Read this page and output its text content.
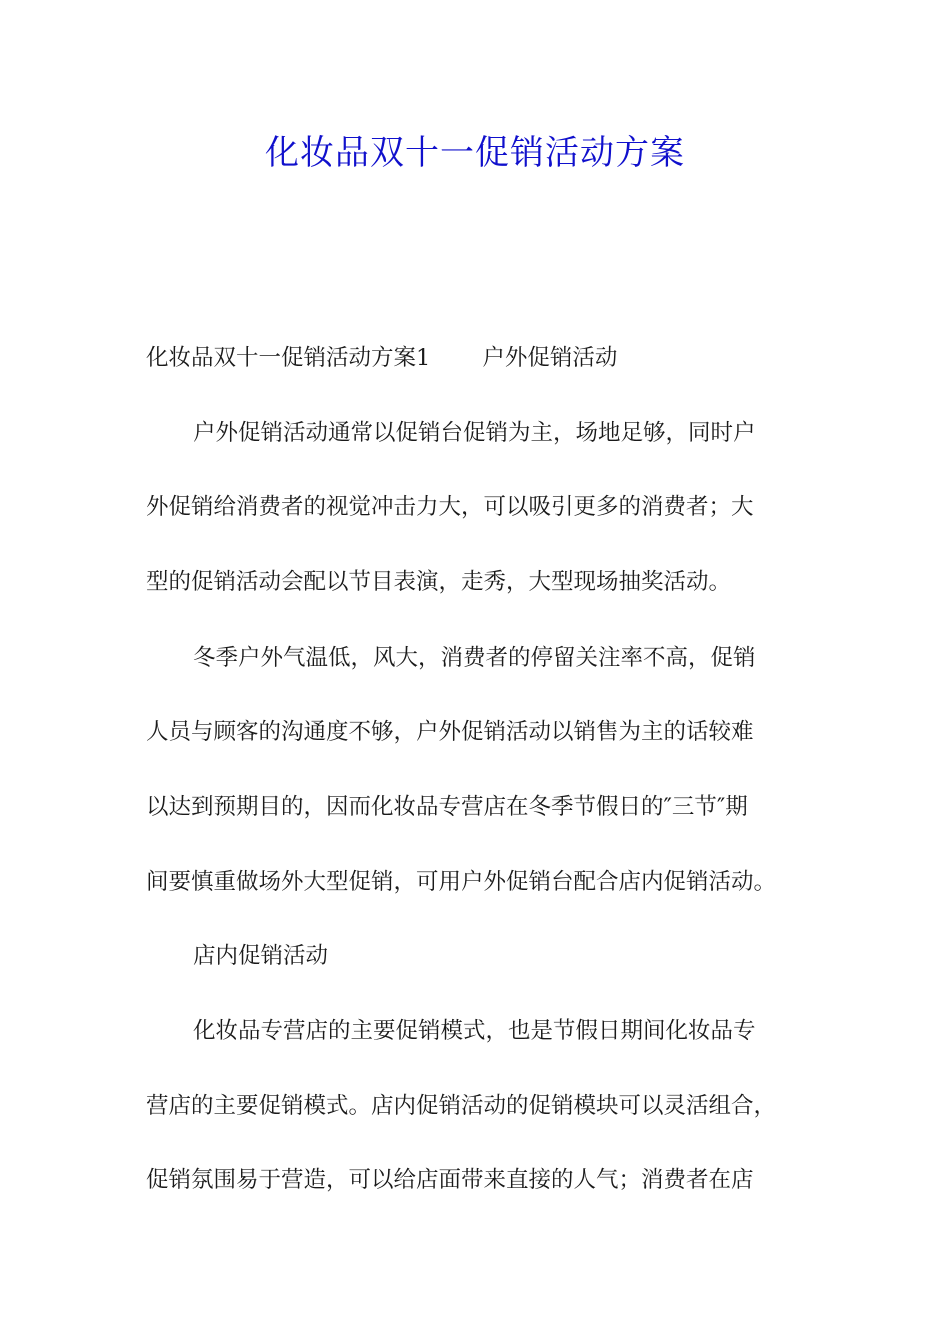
化妆品双十一促销活动方案

化妆品双十一促销活动方案1 户外促销活动

户外促销活动通常以促销台促销为主，场地足够，同时户

外促销给消费者的视觉冲击力大，可以吸引更多的消费者；大

型的促销活动会配以节目表演，走秀，大型现场抽奖活动。

冬季户外气温低，风大，消费者的停留关注率不高，促销

人员与顾客的沟通度不够，户外促销活动以销售为主的话较难

以达到预期目的，因而化妆品专营店在冬季节假日的″三节″期

间要慎重做场外大型促销，可用户外促销台配合店内促销活动。

店内促销活动

化妆品专营店的主要促销模式，也是节假日期间化妆品专

营店的主要促销模式。店内促销活动的促销模块可以灵活组合，

促销氛围易于营造，可以给店面带来直接的人气；消费者在店
